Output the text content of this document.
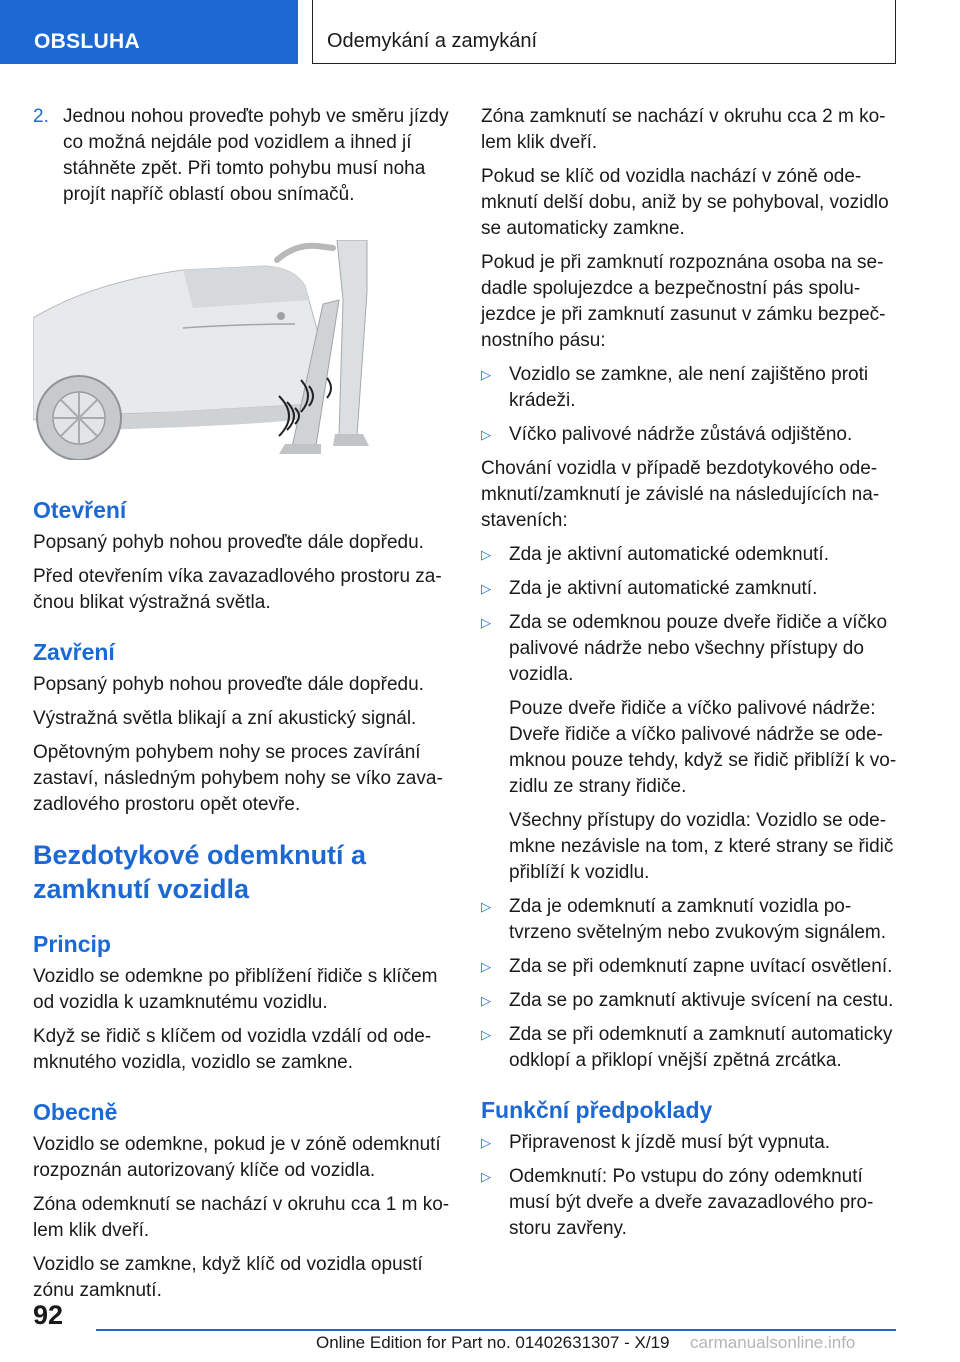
OBSLUHA	Odemykání a zamykání
2. Jednou nohou proveďte pohyb ve směru jízdy co možná nejdále pod vozidlem a ihned jí stáhněte zpět. Při tomto pohybu musí noha projít napříč oblastí obou snímačů.
Otevření

Popsaný pohyb nohou proveďte dále dopředu.

Před otevřením víka zavazadlového prostoru začnou blikat výstražná světla.

Zavření

Popsaný pohyb nohou proveďte dále dopředu.

Výstražná světla blikají a zní akustický signál.

Opětovným pohybem nohy se proces zavírání zastaví, následným pohybem nohy se víko zavazadlového prostoru opět otevře.

Bezdotykové odemknutí a zamknutí vozidla
Princip

Vozidlo se odemkne po přiblížení řidiče s klíčem od vozidla k uzamknutému vozidlu.

Když se řidič s klíčem od vozidla vzdálí od odemknutého vozidla, vozidlo se zamkne.

Obecně

Vozidlo se odemkne, pokud je v zóně odemknutí rozpoznán autorizovaný klíče od vozidla.

Zóna odemknutí se nachází v okruhu cca 1 m kolem klik dveří.

Vozidlo se zamkne, když klíč od vozidla opustí zónu zamknutí.

Zóna zamknutí se nachází v okruhu cca 2 m kolem klik dveří.

Pokud se klíč od vozidla nachází v zóně odemknutí delší dobu, aniž by se pohyboval, vozidlo se automaticky zamkne.

Pokud je při zamknutí rozpoznána osoba na sedadle spolujezdce a bezpečnostní pás spolujezdce je při zamknutí zasunut v zámku bezpečnostního pásu:

▷ Vozidlo se zamkne, ale není zajištěno proti krádeži.
▷ Víčko palivové nádrže zůstává odjištěno.

Chování vozidla v případě bezdotykového odemknutí/zamknutí je závislé na následujících nastaveních:

▷ Zda je aktivní automatické odemknutí.
▷ Zda je aktivní automatické zamknutí.
▷ Zda se odemknou pouze dveře řidiče a víčko palivové nádrže nebo všechny přístupy do vozidla.

Pouze dveře řidiče a víčko palivové nádrže: Dveře řidiče a víčko palivové nádrže se odemknou pouze tehdy, když se řidič přiblíží k vozidlu ze strany řidiče.

Všechny přístupy do vozidla: Vozidlo se odemkne nezávisle na tom, z které strany se řidič přiblíží k vozidlu.

▷ Zda je odemknutí a zamknutí vozidla potvrzeno světelným nebo zvukovým signálem.
▷ Zda se při odemknutí zapne uvítací osvětlení.
▷ Zda se po zamknutí aktivuje svícení na cestu.
▷ Zda se při odemknutí a zamknutí automaticky odklopí a přiklopí vnější zpětná zrcátka.
Funkční předpoklady
▷ Připravenost k jízdě musí být vypnuta.
▷ Odemknutí: Po vstupu do zóny odemknutí musí být dveře a dveře zavazadlového prostoru zavřeny.
92
Online Edition for Part no. 01402631307 - X/19 carmanualsonline.info
